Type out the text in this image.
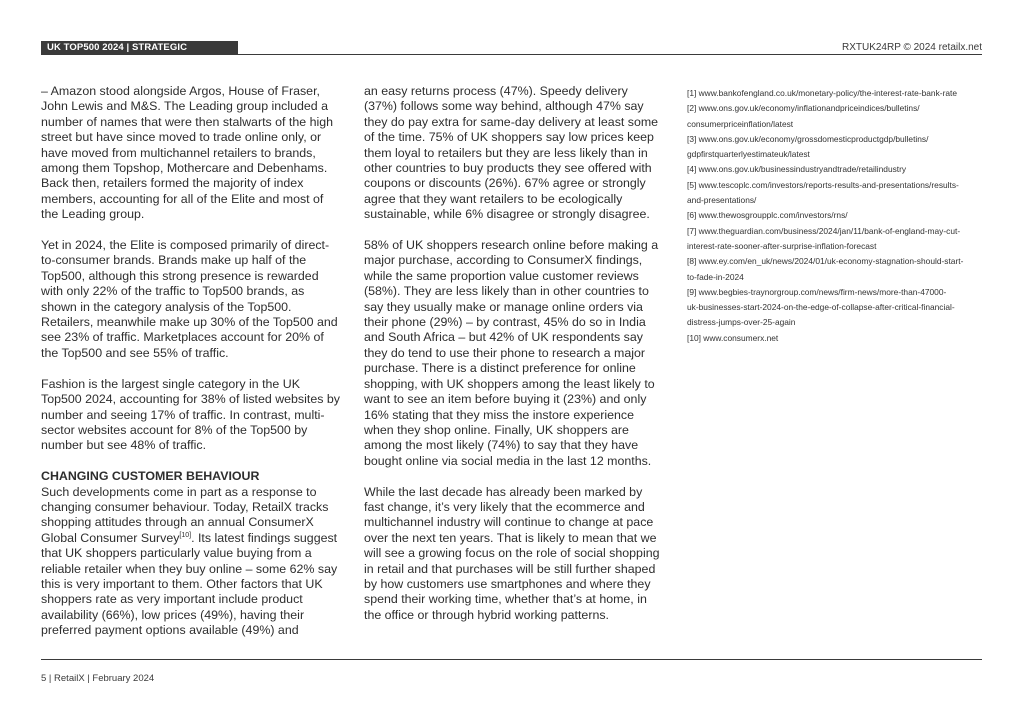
UK TOP500 2024 | STRATEGIC OVERVIEW
RXTUK24RP © 2024 retailx.net

– Amazon stood alongside Argos, House of Fraser, John Lewis and M&S. The Leading group included a number of names that were then stalwarts of the high street but have since moved to trade online only, or have moved from multichannel retailers to brands, among them Topshop, Mothercare and Debenhams. Back then, retailers formed the majority of index members, accounting for all of the Elite and most of the Leading group.

Yet in 2024, the Elite is composed primarily of direct-to-consumer brands. Brands make up half of the Top500, although this strong presence is rewarded with only 22% of the traffic to Top500 brands, as shown in the category analysis of the Top500. Retailers, meanwhile make up 30% of the Top500 and see 23% of traffic. Marketplaces account for 20% of the Top500 and see 55% of traffic.

Fashion is the largest single category in the UK Top500 2024, accounting for 38% of listed websites by number and seeing 17% of traffic. In contrast, multi-sector websites account for 8% of the Top500 by number but see 48% of traffic.

CHANGING CUSTOMER BEHAVIOUR

Such developments come in part as a response to changing consumer behaviour. Today, RetailX tracks shopping attitudes through an annual ConsumerX Global Consumer Survey[10]. Its latest findings suggest that UK shoppers particularly value buying from a reliable retailer when they buy online – some 62% say this is very important to them. Other factors that UK shoppers rate as very important include product availability (66%), low prices (49%), having their preferred payment options available (49%) and

an easy returns process (47%). Speedy delivery (37%) follows some way behind, although 47% say they do pay extra for same-day delivery at least some of the time. 75% of UK shoppers say low prices keep them loyal to retailers but they are less likely than in other countries to buy products they see offered with coupons or discounts (26%). 67% agree or strongly agree that they want retailers to be ecologically sustainable, while 6% disagree or strongly disagree.

58% of UK shoppers research online before making a major purchase, according to ConsumerX findings, while the same proportion value customer reviews (58%). They are less likely than in other countries to say they usually make or manage online orders via their phone (29%) – by contrast, 45% do so in India and South Africa – but 42% of UK respondents say they do tend to use their phone to research a major purchase. There is a distinct preference for online shopping, with UK shoppers among the least likely to want to see an item before buying it (23%) and only 16% stating that they miss the instore experience when they shop online. Finally, UK shoppers are among the most likely (74%) to say that they have bought online via social media in the last 12 months.

While the last decade has already been marked by fast change, it’s very likely that the ecommerce and multichannel industry will continue to change at pace over the next ten years. That is likely to mean that we will see a growing focus on the role of social shopping in retail and that purchases will be still further shaped by how customers use smartphones and where they spend their working time, whether that’s at home, in the office or through hybrid working patterns.

[1] www.bankofengland.co.uk/monetary-policy/the-interest-rate-bank-rate
[2] www.ons.gov.uk/economy/inflationandpriceindices/bulletins/
consumerpriceinflation/latest
[3] www.ons.gov.uk/economy/grossdomesticproductgdp/bulletins/
gdpfirstquarterlyestimateuk/latest
[4] www.ons.gov.uk/businessindustryandtrade/retailindustry
[5] www.tescoplc.com/investors/reports-results-and-presentations/results-
and-presentations/
[6] www.thewosgroupplc.com/investors/rns/
[7] www.theguardian.com/business/2024/jan/11/bank-of-england-may-cut-
interest-rate-sooner-after-surprise-inflation-forecast
[8] www.ey.com/en_uk/news/2024/01/uk-economy-stagnation-should-start-
to-fade-in-2024
[9] www.begbies-traynorgroup.com/news/firm-news/more-than-47000-
uk-businesses-start-2024-on-the-edge-of-collapse-after-critical-financial-
distress-jumps-over-25-again
[10] www.consumerx.net
5 | RetailX | February 2024
